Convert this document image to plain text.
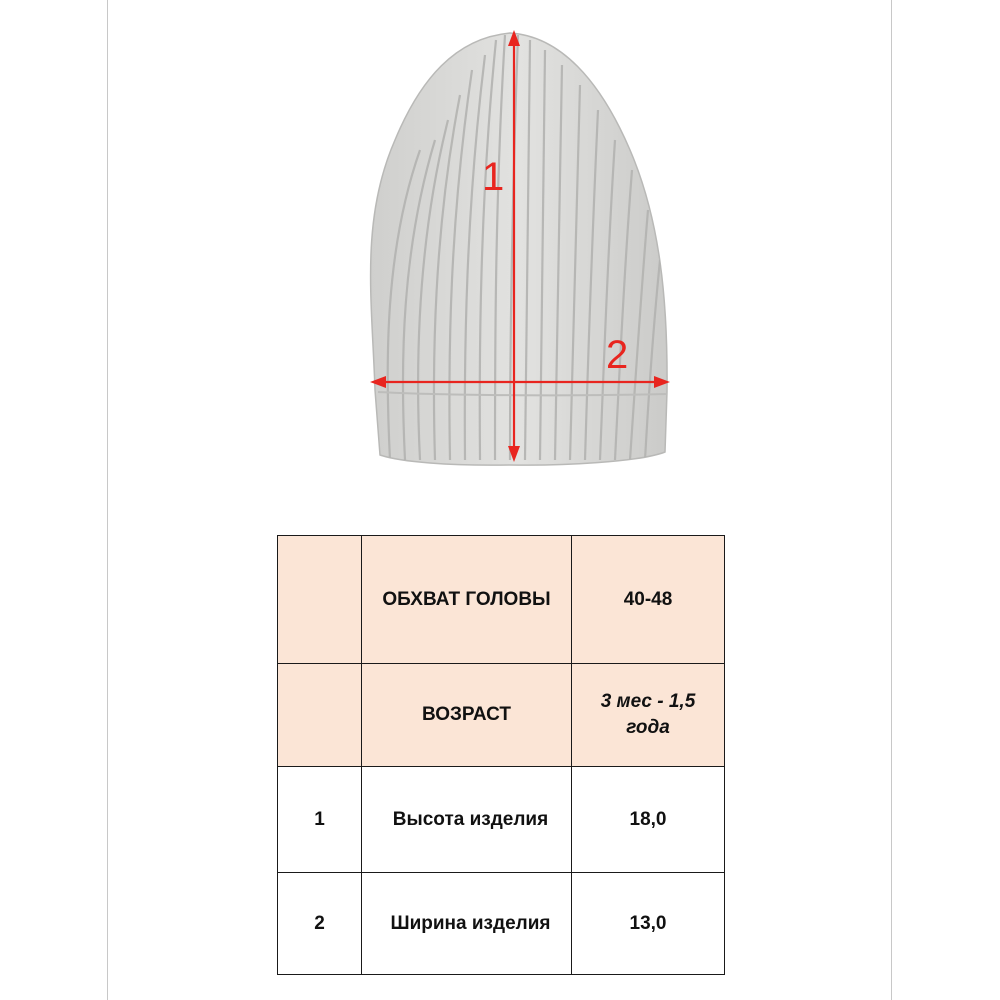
1
2
	ОБХВАТ ГОЛОВЫ	40-48
	ВОЗРАСТ	3 мес - 1,5
года

1	Высота изделия	18,0
2	Ширина изделия	13,0
